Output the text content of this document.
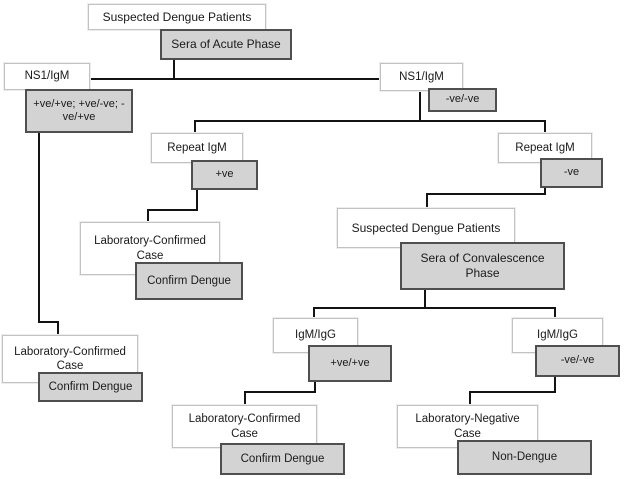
Suspected Dengue Patients
Sera of Acute Phase
NS1/IgM
+ve/+ve; +ve/-ve; -ve/+ve
NS1/IgM
-ve/-ve
Repeat IgM
+ve
Repeat IgM
-ve
Laboratory-Confirmed Case
Confirm Dengue
Suspected Dengue Patients
Sera of Convalescence Phase
IgM/IgG
+ve/+ve
IgM/IgG
-ve/-ve
Laboratory-Confirmed Case
Confirm Dengue
Laboratory-Confirmed Case
Confirm Dengue
Laboratory-Negative Case
Non-Dengue
